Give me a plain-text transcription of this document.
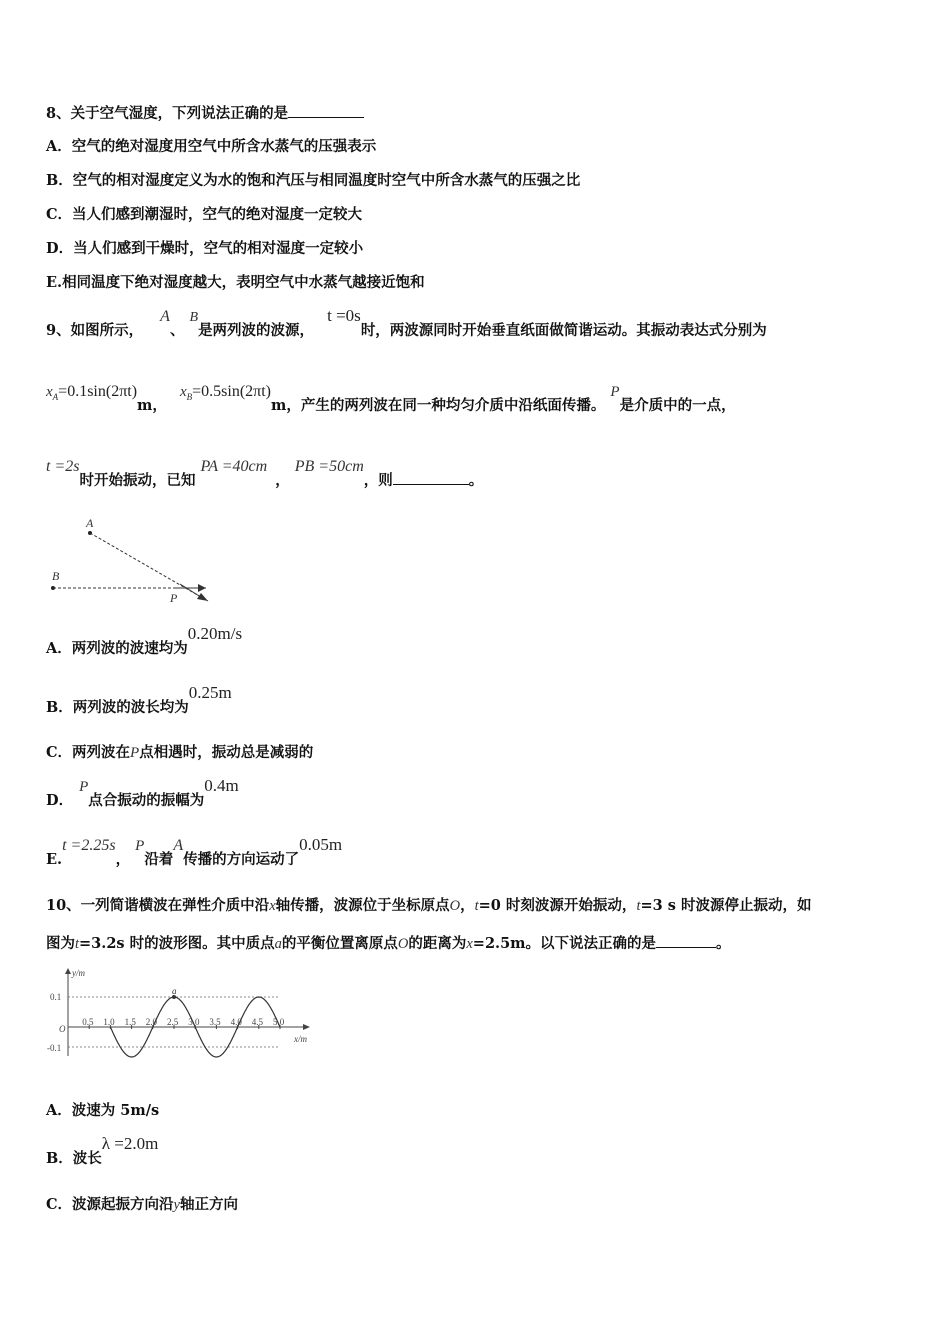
8、关于空气湿度，下列说法正确的是
A．空气的绝对湿度用空气中所含水蒸气的压强表示
B．空气的相对湿度定义为水的饱和汽压与相同温度时空气中所含水蒸气的压强之比
C．当人们感到潮湿时，空气的绝对湿度一定较大
D．当人们感到干燥时，空气的相对湿度一定较小
E.相同温度下绝对湿度越大，表明空气中水蒸气越接近饱和
9、如图所示， A、 B是两列波的波源， t =0s时，两波源同时开始垂直纸面做简谐运动。其振动表达式分别为
$x_A=0.1\sin(2\pi t)m$， $x_B=0.5\sin(2\pi t)m$，产生的两列波在同一种均匀介质中沿纸面传播。 P是介质中的一点，
t =2s时开始振动，已知 PA =40cm， PB =50cm，则	。
A
B
P
A．两列波的波速均为0.20m/s
B．两列波的波长均为0.25m
C．两列波在P点相遇时，振动总是减弱的
D．P点合振动的振幅为0.4m
E.t =2.25s， P沿着A传播的方向运动了0.05m
10、一列简谐横波在弹性介质中沿x轴传播，波源位于坐标原点O，t=0 时刻波源开始振动，t=3 s 时波源停止振动，如
图为t=3.2s 时的波形图。其中质点a的平衡位置离原点O的距离为x=2.5m。以下说法正确的是	。
y/m
x/m
0.1
-0.1
O
0.5 1.0 1.5 2.0 2.5 3.0 3.5 4.0 4.5 5.0
a
A．波速为 5m/s
B．波长λ =2.0m
C．波源起振方向沿y轴正方向
